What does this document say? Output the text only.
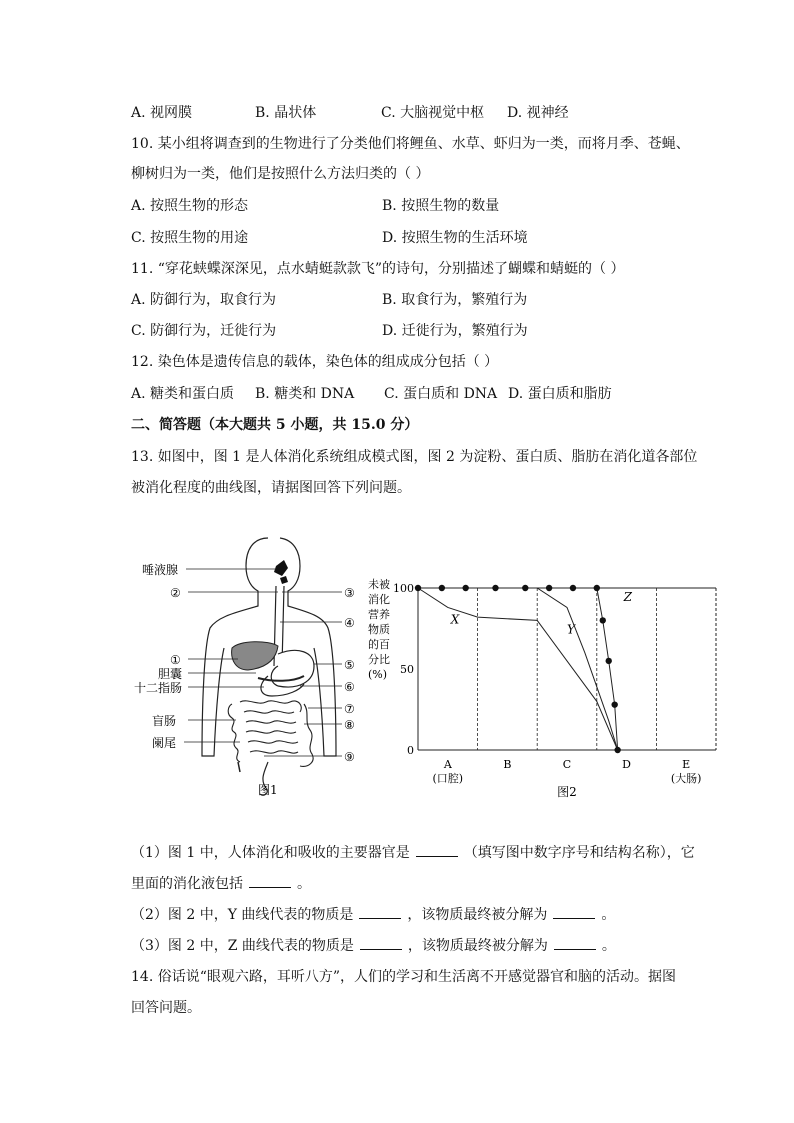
A. 视网膜	B. 晶状体	C. 大脑视觉中枢 D. 视神经
10. 某小组将调查到的生物进行了分类他们将鲤鱼、水草、虾归为一类，而将月季、苍蝇、
柳树归为一类，他们是按照什么方法归类的（ ）
A. 按照生物的形态	B. 按照生物的数量
C. 按照生物的用途	D. 按照生物的生活环境
11. “穿花蛱蝶深深见，点水蜻蜓款款飞”的诗句，分别描述了蝴蝶和蜻蜓的（ ）
A. 防御行为，取食行为	B. 取食行为，繁殖行为
C. 防御行为，迁徙行为	D. 迁徙行为，繁殖行为
12. 染色体是遗传信息的载体，染色体的组成成分包括（ ）
A. 糖类和蛋白质 B. 糖类和 DNA C. 蛋白质和 DNA D. 蛋白质和脂肪
二、简答题（本大题共 5 小题，共 15.0 分）
13. 如图中，图 1 是人体消化系统组成模式图，图 2 为淀粉、蛋白质、脂肪在消化道各部位
被消化程度的曲线图，请据图回答下列问题。
唾液腺
②
①
胆囊
十二指肠
盲肠
阑尾
③
④
⑤
⑥
⑦
⑧
⑨
图1
未被
消化
营养
物质
的百
分比
(%)
100
50
0
A
(口腔)
B	C	D	E
(大肠)
X
Y
Z
图2
（1）图 1 中，人体消化和吸收的主要器官是	（填写图中数字序号和结构名称），它
里面的消化液包括	。
（2）图 2 中，Y 曲线代表的物质是	，该物质最终被分解为	。
（3）图 2 中，Z 曲线代表的物质是	，该物质最终被分解为	。
14. 俗话说“眼观六路，耳听八方”，人们的学习和生活离不开感觉器官和脑的活动。据图
回答问题。
